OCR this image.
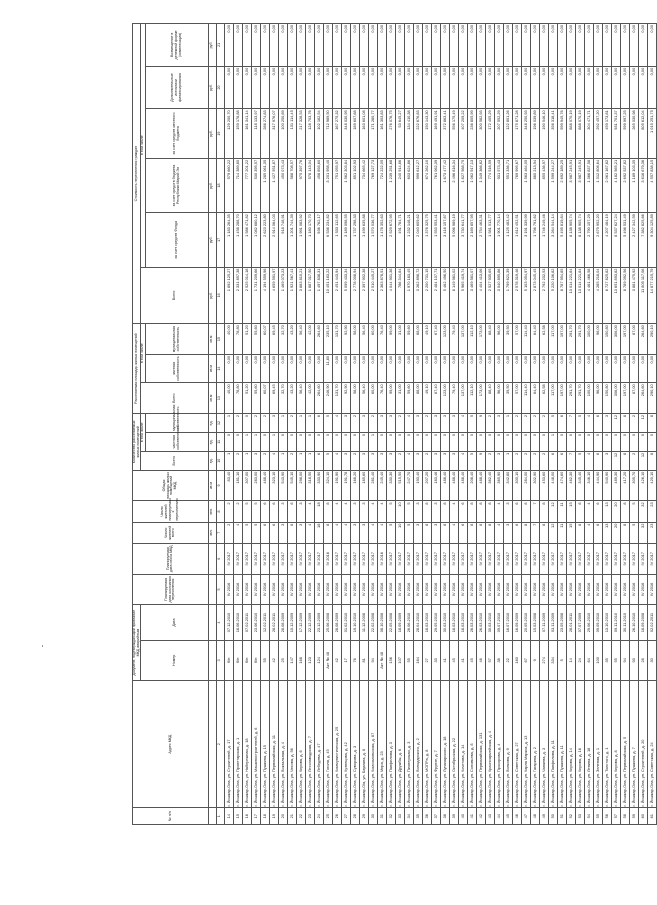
№ п/п	Адрес МКД	Документ, подтверждающий признание МКД аварийным		Планируемая дата окончания переселения	Планируемая дата сноса МКД	Число жителей всего	Число жителей планируемых к переселению	Общая площадь жилых помещений МКД	Количество расселяемых жилых помещений			Расселяемая площадь жилых помещений			Стоимость переселения граждан					
		Номер	Дата						Всего	в том числе		Всего	в том числе		Всего	в том числе				
										частная собственность	муниципальная собственность		частная собственность	муниципальная собственность		за счет средств Фонда	за счет средств бюджета Республики Марий Эл	за счет средств местного бюджета	Дополнительные источники финансирования	Возмещение в денежной форме (компенсация)
						чел.	чел.	кв.м	ед.	ед.	ед.	кв.м	кв.м	кв.м	руб.	руб.	руб.	руб.	руб.	руб.
1	2	3	4	5	6	7	8	9	10	11	12	13	14	15	16	17	18	19	20	21
14	г. Йошкар-Ола, ул. Строителей, д. 17	б/н	07.12.2010	IV 2016	IV 2017	2	2	83,40	1	0	1	40,00	0,00	40,00	1 892 125,27	1 183 264,35	579 660,22	129 200,70	0,00	0,00
15	г. Йошкар-Ола, ул. Пролетарская, д. 1	б/н	18.06.2010	IV 2016	IV 2017	4	2	181,10	2	0	2	78,80	0,00	78,80	2 331 857,38	1 458 288,70	714 389,80	159 178,88	0,00	0,00
16	г. Йошкар-Ола, ул. Набережная, д. 18	б/н	07.02.2011	IV 2016	IV 2017	5	5	307,00	1	1	0	51,20	0,00	51,20	2 525 014,18	1 586 471,82	777 201,22	161 341,14	0,00	0,00
17	г. Йошкар-Ола, ул. Машиностроителей, д. 6	б/н	23.06.2010	IV 2016	IV 2017	5	5	283,00	3	1	2	55,60	0,00	55,60	1 731 209,66	1 082 680,12	530 395,57	118 133,97	0,00	0,00
18	г. Йошкар-Ола, ул. Пушкина, д. 15	55	12.02.2011	IV 2016	IV 2017	6	6	488,40	2	0	2	60,07	0,00	60,07	4 194 559,98	2 623 223,80	1 285 061,35	286 274,83	0,00	0,00
19	г. Йошкар-Ола, ул. Первомайская, д. 11	42	28.02.2011	IV 2016	IV 2017	6	6	323,10	4	1	3	69,45	0,00	69,45	4 659 591,97	2 914 064,03	1 427 551,87	317 976,07	0,00	0,00
20	г. Йошкар-Ола, ул. Вокзальная, д. 4	25	28.08.2009	IV 2016	IV 2017	3	3	543,90	1	0	1	32,70	0,00	32,70	1 469 073,23	918 748,91	450 073,43	100 250,89	0,00	0,00
21	г. Йошкар-Ола, ул. Чехова, д. 56	147	10.12.2009	IV 2016	IV 2017	8	8	545,10	2	0	2	43,20	0,00	43,20	1 921 567,41	1 201 744,39	588 708,57	131 114,45	0,00	0,00
22	г. Йошкар-Ола, ул. Кирова, д. 6	168	17.12.2009	IV 2016	IV 2017	3	3	298,00	1	0	1	56,40	0,00	56,40	3 883 810,21	1 991 083,92	975 397,76	217 328,53	0,00	0,00
23	г. Йошкар-Ола, ул. Лесозаводская, д. 7	123	22.12.2009	IV 2016	IV 2017	4	4	318,50	1	0	1	42,00	0,00	42,00	1 887 017,50	1 180 170,70	578 143,04	128 703,76	0,00	0,00
24	г. Йошкар-Ола, ул. Лебедева, д. 47	124	23.12.2009	IV 2016	IV 2017	18	18	333,90	6	0	6	264,60	0,00	264,60	1 497 838,31	936 762,17	458 893,60	102 182,54	0,00	0,00
25	г. Йошкар-Ола, ул. Гоголя, д. 45	Акт № 48	25.06.2008	IV 2016	IV 2016	8	8	324,10	5	0	5	246,90	11,80	235,10	10 451 183,22	6 536 234,82	3 201 958,40	712 989,50	0,00	0,00
26	г. Йошкар-Ола, ул. Коммунистическая, д. 25	42	28.08.2009	IV 2016	IV 2017	4	4	191,90	4	0	4	131,70	0,00	131,70	2 451 443,94	1 533 112,65	751 055,97	167 275,32	0,00	0,00
27	г. Йошкар-Ола, ул. Кузнецова, д. 42	17	01.02.2010	IV 2016	IV 2017	4	4	191,78	3	0	3	92,90	0,00	92,90	5 099 433,34	3 189 098,55	1 562 303,84	348 030,95	0,00	0,00
28	г. Йошкар-Ола, ул. Суворова, д. 3	76	19.10.2010	IV 2016	IV 2017	3	3	168,20	2	0	2	58,00	0,00	58,00	2 778 008,94	1 737 298,33	851 102,93	189 607,68	0,00	0,00
29	г. Йошкар-Ola, ул. Баумана, д. 8	81	11.12.2008	IV 2016	IV 2017	3	3	185,60	3	0	3	56,40	0,00	56,40	2 397 902,38	1 499 635,88	734 665,42	163 601,08	0,00	0,00
30	г. Йошкар-Ола, ул. Комсомольская, д. 87	94	22.02.2008	IV 2016	IV 2017	4	4	281,40	3	1	2	60,00	0,00	60,00	2 510 445,27	1 570 036,77	769 127,73	171 280,77	0,00	0,00
31	г. Йошкар-Ола, ул. Мира, д. 23	Акт № 48	08.10.2008	IV 2016	IV 2016	4	4	245,40	3	0	3	76,40	0,00	76,40	2 363 878,51	1 478 352,63	724 222,05	161 303,83	0,00	0,00
32	г. Йошкар-Ола, ул. Панфилова, д. 3	156	22.05.2008	IV 2016	IV 2017	5	5	330,30	3	0	3	99,00	0,00	99,00	4 044 901,38	2 529 672,95	1 239 251,68	276 076,75	0,00	0,00
33	г. Йошкар-Ола, ул. Дружбы, д. 6	107	18.09.2009	IV 2016	IV 2017	10	10	515,50	2	0	2	31,00	0,00	31,00	786 344,84	491 784,71	240 914,86	53 645,27	0,00	0,00
34	г. Йошкар-Ола, ул. Пионерская, д. 3	55	26.06.2010	IV 2016	IV 2017	5	5	247,70	4	0	4	59,60	0,00	59,60	1 970 183,45	1 232 148,21	603 624,86	134 410,38	0,00	0,00
35	г. Йошкар-Ола, ул. Володарского, д. 2	164	28.04.2010	IV 2016	IV 2017	3	3	193,40	3	0	3	88,00	0,00	88,00	3 262 898,72	2 040 609,62	999 612,27	222 676,83	0,00	0,00
36	г. Йошкар-Ола, ул. МОПРа, д. 8	27	18.03.2010	IV 2016	IV 2017	8	8	207,20	2	0	2	49,10	0,00	49,10	2 200 731,15	1 376 325,75	674 262,10	150 143,30	0,00	0,00
37	г. Йошкар-Ола, ул. Фрунзе, д. 7	33	29.05.2010	IV 2016	IV 2017	3	3	183,46	3	0	3	67,40	0,00	67,40	2 484 107,71	1 553 553,41	761 062,39	169 491,91	0,00	0,00
38	г. Йошкар-Ола, ул. Луначарского, д. 18	41	30.03.2010	IV 2016	IV 2017	8	8	488,40	3	0	3	123,00	0,00	123,00	5 462 498,50	3 416 157,67	1 673 477,42	372 863,41	0,00	0,00
39	г. Йошкар-Ола, ул. Октябрьская, д. 22	45	18.03.2010	IV 2016	IV 2017	4	4	488,40	3	0	3	79,40	0,00	79,40	8 149 981,02	5 096 989,19	2 496 816,34	556 175,49	0,00	0,00
40	г. Йошкар-Ола, ул. Кочетова, д. 14	41	18.03.2010	IV 2016	IV 2017	6	6	488,40	4	0	4	137,00	0,00	137,00	5 965 419,74	3 730 641,77	1 827 568,75	407 209,22	0,00	0,00
41	г. Йошкар-Ола, ул. Соловьева, д. 8	45	26.03.2010	IV 2016	IV 2017	8	8	208,40	5	0	5	112,10	0,00	112,10	3 469 581,07	2 169 857,95	1 062 917,13	236 805,99	0,00	0,00
42	г. Йошкар-Ола, ул. Первомайская, д. 131	46	26.03.2010	IV 2016	IV 2017	8	8	488,40	9	0	9	173,00	0,00	173,00	4 404 413,06	2 754 463,31	1 349 366,82	300 582,93	0,00	0,00
43	г. Йошкар-Ола, ул. Красноармейская, д. 4	57	30.03.2010	IV 2016	IV 2017	8	8	362,40	2	0	2	88,40	0,00	88,40	2 527 935,65	1 581 013,77	774 516,59	172 405,29	0,00	0,00
44	г. Йошкар-Ола, ул. Прохорова, д. 4	38	09.07.2010	IV 2016	IV 2017	4	4	365,90	3	0	3	96,00	0,00	96,00	3 040 895,86	1 901 770,14	931 573,43	207 552,29	0,00	0,00
45	г. Йошкар-Ола, ул. Волкова, д. 9	22	16.07.2010	IV 2016	IV 2017	3	3	342,80	1	0	1	39,50	0,00	39,50	1 799 621,39	1 125 483,42	551 336,71	122 801,26	0,00	0,00
46	г. Йошкар-Ола, ул. Советская, д. 27	160	16.09.2009	IV 2016	IV 2017	6	6	300,10	2	0	2	57,00	0,00	57,00	2 578 319,46	1 612 452,51	789 995,67	175 871,28	0,00	0,00
47	г. Йошкар-Ола, ул. Карла Маркса, д. 13	67	20.05.2010	IV 2016	IV 2017	8	8	284,00	2	0	2	114,40	0,00	114,40	5 103 054,97	3 191 339,99	1 563 464,05	348 250,93	0,00	0,00
48	г. Йошкар-Ола, ул. Гагарина, д. 2	9	15.03.2008	IV 2016	IV 2017	7	7	302,90	2	0	2	64,40	0,00	64,40	2 873 045,45	1 796 791,62	880 213,94	196 039,89	0,00	0,00
49	г. Йошкар-Ола, ул. Чапаева, д. 3	274	07.11.2009	IV 2016	IV 2017	8	8	453,60	2	0	2	62,58	0,00	62,58	2 792 232,53	1 746 249,46	855 436,97	190 546,10	0,00	0,00
50	г. Йошкар-Ола, ул. Панфилова, д. 11	334	03.11.2009	IV 2016	IV 2017	12	12	448,00	6	1	5	117,00	0,00	117,00	5 220 106,82	3 264 544,14	1 599 244,27	356 318,41	0,00	0,00
51	г. Йошкар-Ола, ул. Пушкина, д. 11	5	23.05.2008	IV 2016	IV 2017	11	11	474,60	6	0	6	197,00	0,00	197,00	8 787 954,85	5 495 819,84	2 692 189,25	599 945,76	0,00	0,00
52	г. Йошкар-Ола, ул. Кирова, д. 14	14	28.01.2011	IV 2016	IV 2017	15	15	462,30	7	0	7	291,70	0,00	291,70	13 014 221,84	8 138 905,74	3 987 245,91	888 070,19	0,00	0,00
53	г. Йошкар-Ола, ул. Кирова, д. 16	24	07.07.2009	IV 2016	IV 2017	8	8	345,40	5	0	5	291,70	0,00	291,70	13 014 221,84	8 138 905,74	3 987 245,91	888 070,19	0,00	0,00
54	г. Йошкар-Ола, ул. Ленина, д. 18	64	29.06.2010	IV 2016	IV 2017	4	4	346,10	4	0	4	100,00	0,00	100,00	4 461 466,58	2 790 157,29	1 366 837,58	304 471,71	0,00	0,00
55	г. Йошкар-Ола, ул. Зеленая, д. 1	100	09.09.2010	IV 2016	IV 2017	6	6	444,90	6	0	6	96,00	0,00	96,00	4 285 218,04	2 679 952,20	1 312 808,64	292 457,20	0,00	0,00
56	г. Йошкар-Ола, ул. Толстого, д. 1	35	13.10.2010	IV 2016	IV 2017	13	13	540,90	3	0	3	150,80	0,00	150,80	6 727 825,82	4 207 484,19	2 061 167,82	459 173,81	0,00	0,00
57	г. Йошкар-Ола, ул. Кирова, д. 8	55	09.11.2010	IV 2016	IV 2017	20	20	489,30	12	0	12	306,00	0,00	306,00	13 651 893,82	8 537 627,24	4 182 565,21	931 701,37	0,00	0,00
58	г. Йошкар-Ола, ул. Первомайская, д. 5	94	30.11.2010	IV 2016	IV 2017	8	8	417,20	8	0	8	197,00	0,00	197,00	8 789 092,56	5 496 531,49	2 692 537,82	599 997,25	0,00	0,00
59	г. Йошкар-Ола, ул. Пушкина, д. 7	93	26.10.2010	IV 2016	IV 2017	5	5	305,70	2	0	2	87,00	0,00	87,00	3 881 475,92	2 427 342,59	1 189 103,35	265 030,98	0,00	0,00
60	г. Йошкар-Ола, ул. Строителей, д. 20	28	18.09.2008	IV 2016	IV 2017	32	32	426,10	12	0	12	264,60	0,00	264,60	11 805 117,06	7 382 825,66	3 616 679,36	805 612,04	0,00	0,00
61	г. Йошкар-Ола, ул. Советская, д. 24	30	02.02.2011	IV 2016	IV 2017	23	23	420,10	8	0	8	290,10	0,00	290,10	14 877 215,79	9 304 125,89	4 557 838,15	1 015 251,75	0,00	0,00
